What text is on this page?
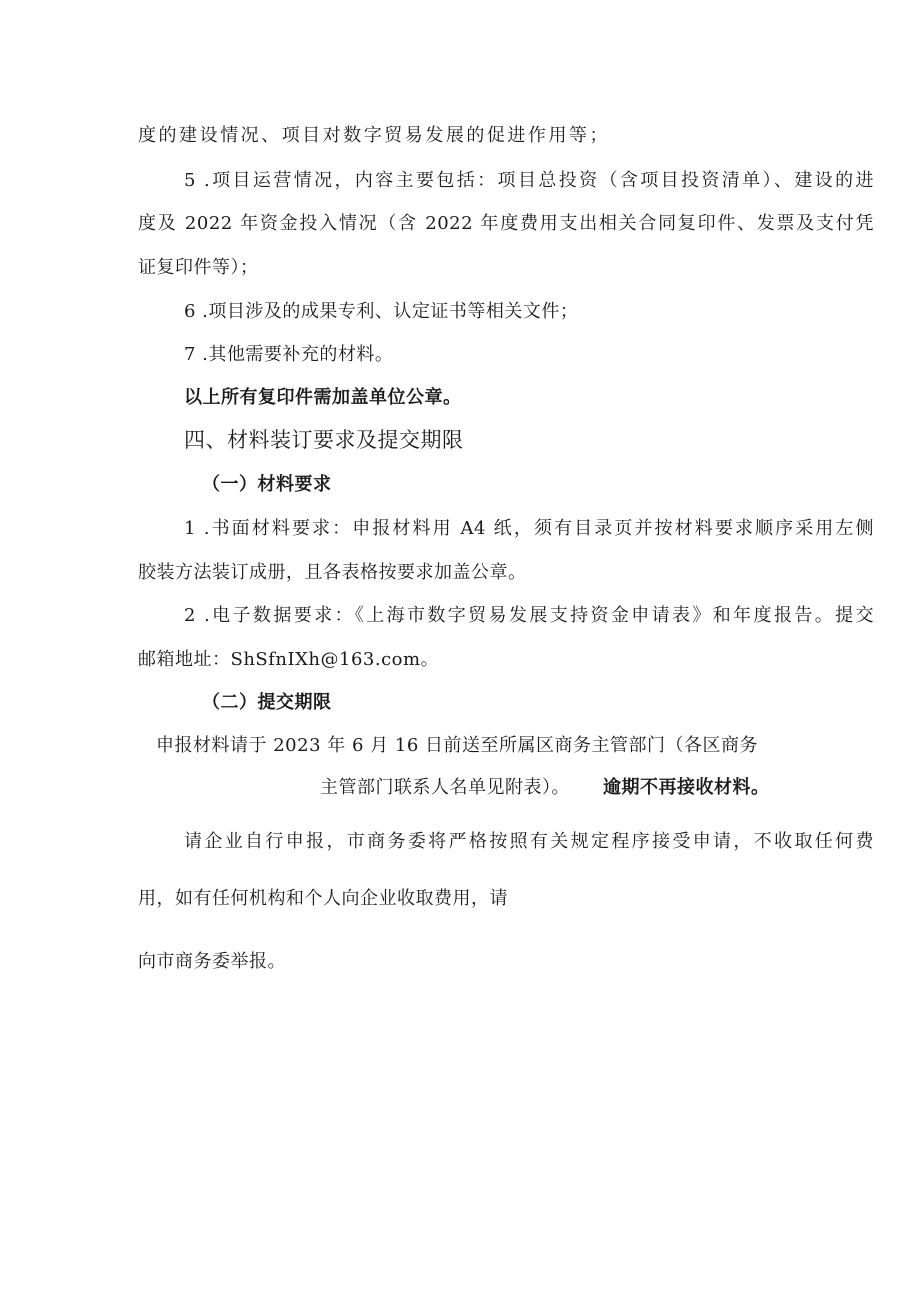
度的建设情况、项目对数字贸易发展的促进作用等；
5 .项目运营情况，内容主要包括：项目总投资（含项目投资清单）、建设的进
度及 2022 年资金投入情况（含 2022 年度费用支出相关合同复印件、发票及支付凭
证复印件等）；
6 .项目涉及的成果专利、认定证书等相关文件；
7 .其他需要补充的材料。
以上所有复印件需加盖单位公章。
四、材料装订要求及提交期限
（一）材料要求
1 .书面材料要求：申报材料用 A4 纸，须有目录页并按材料要求顺序采用左侧
胶装方法装订成册，且各表格按要求加盖公章。
2 .电子数据要求：《上海市数字贸易发展支持资金申请表》和年度报告。提交
邮箱地址：ShSfnIXh@163.com。
（二）提交期限
申报材料请于 2023 年 6 月 16 日前送至所属区商务主管部门（各区商务
主管部门联系人名单见附表）。 逾期不再接收材料。
请企业自行申报，市商务委将严格按照有关规定程序接受申请，不收取任何费
用，如有任何机构和个人向企业收取费用，请
向市商务委举报。
